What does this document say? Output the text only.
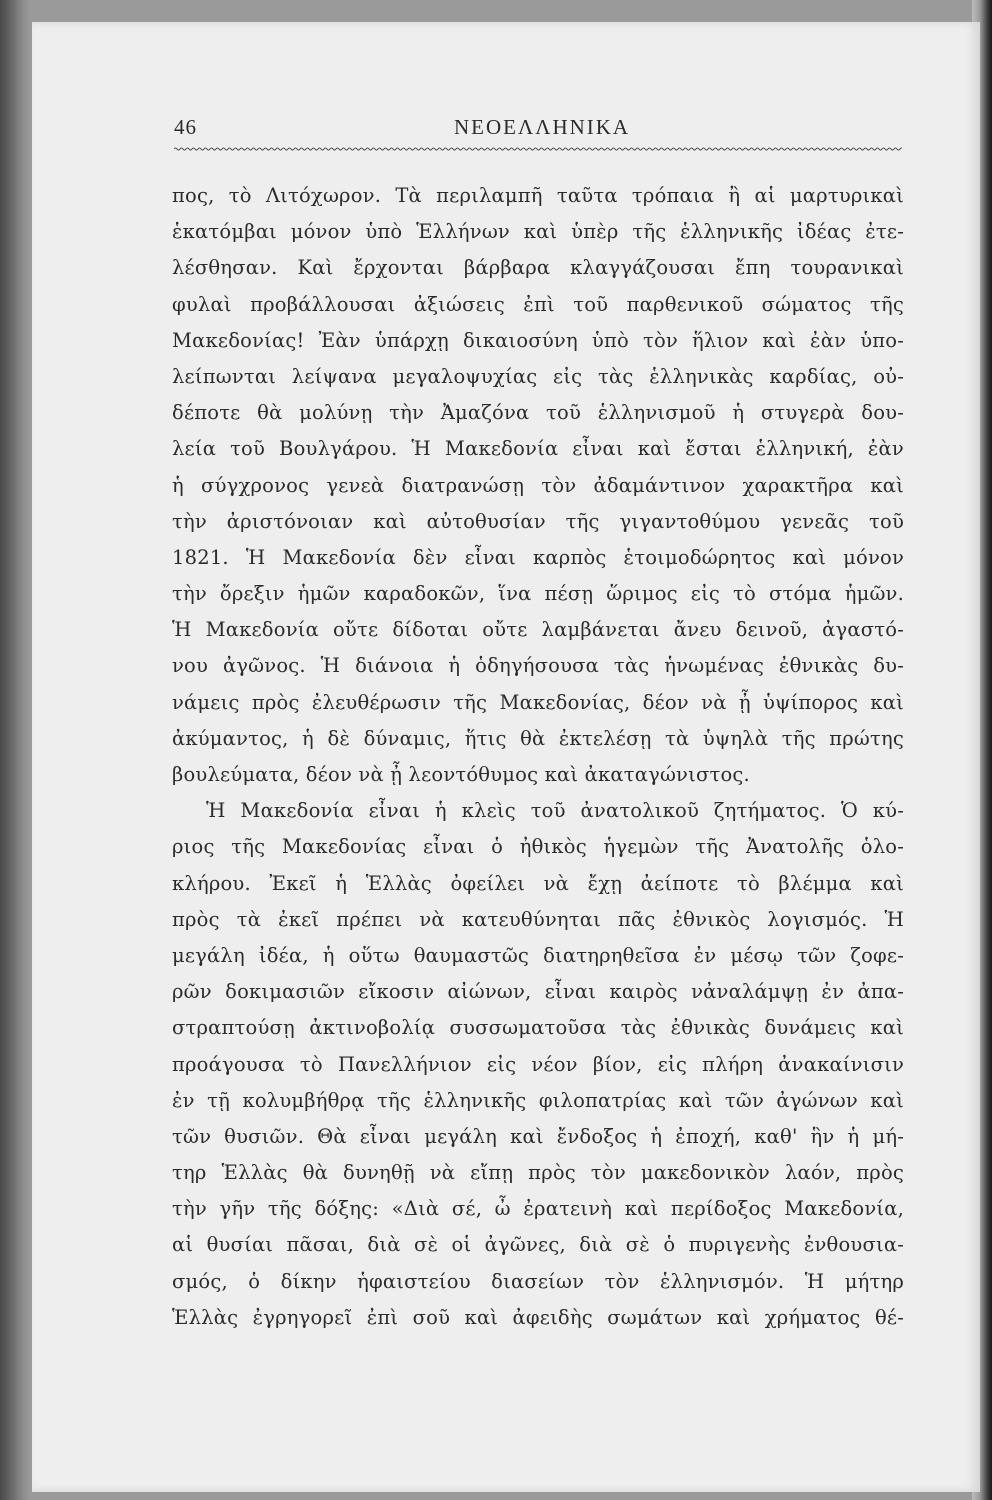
46	ΝΕΟΕΛΛΗΝΙΚΑ
πος, τὸ Λιτόχωρον. Τὰ περιλαμπῆ ταῦτα τρόπαια ἢ αἱ μαρτυρικαὶ
ἑκατόμβαι μόνον ὑπὸ Ἑλλήνων καὶ ὑπὲρ τῆς ἑλληνικῆς ἰδέας ἐτε-
λέσθησαν. Καὶ ἔρχονται βάρβαρα κλαγγάζουσαι ἔπη τουρανικαὶ
φυλαὶ προβάλλουσαι ἀξιώσεις ἐπὶ τοῦ παρθενικοῦ σώματος τῆς
Μακεδονίας! Ἐὰν ὑπάρχῃ δικαιοσύνη ὑπὸ τὸν ἥλιον καὶ ἐὰν ὑπο-
λείπωνται λείψανα μεγαλοψυχίας εἰς τὰς ἑλληνικὰς καρδίας, οὐ-
δέποτε θὰ μολύνῃ τὴν Ἀμαζόνα τοῦ ἑλληνισμοῦ ἡ στυγερὰ δου-
λεία τοῦ Βουλγάρου. Ἡ Μακεδονία εἶναι καὶ ἔσται ἑλληνική, ἐὰν
ἡ σύγχρονος γενεὰ διατρανώσῃ τὸν ἀδαμάντινον χαρακτῆρα καὶ
τὴν ἀριστόνοιαν καὶ αὐτοθυσίαν τῆς γιγαντοθύμου γενεᾶς τοῦ
1821. Ἡ Μακεδονία δὲν εἶναι καρπὸς ἑτοιμοδώρητος καὶ μόνον
τὴν ὄρεξιν ἡμῶν καραδοκῶν, ἵνα πέσῃ ὥριμος εἰς τὸ στόμα ἡμῶν.
Ἡ Μακεδονία οὔτε δίδοται οὔτε λαμβάνεται ἄνευ δεινοῦ, ἀγαστό-
νου ἀγῶνος. Ἡ διάνοια ἡ ὁδηγήσουσα τὰς ἡνωμένας ἐθνικὰς δυ-
νάμεις πρὸς ἐλευθέρωσιν τῆς Μακεδονίας, δέον νὰ ᾖ ὑψίπορος καὶ
ἀκύμαντος, ἡ δὲ δύναμις, ἥτις θὰ ἐκτελέσῃ τὰ ὑψηλὰ τῆς πρώτης
βουλεύματα, δέον νὰ ᾖ λεοντόθυμος καὶ ἀκαταγώνιστος.
Ἡ Μακεδονία εἶναι ἡ κλεὶς τοῦ ἀνατολικοῦ ζητήματος. Ὁ κύ-
ριος τῆς Μακεδονίας εἶναι ὁ ἠθικὸς ἡγεμὼν τῆς Ἀνατολῆς ὁλο-
κλήρου. Ἐκεῖ ἡ Ἑλλὰς ὀφείλει νὰ ἔχῃ ἀείποτε τὸ βλέμμα καὶ
πρὸς τὰ ἐκεῖ πρέπει νὰ κατευθύνηται πᾶς ἐθνικὸς λογισμός. Ἡ
μεγάλη ἰδέα, ἡ οὕτω θαυμαστῶς διατηρηθεῖσα ἐν μέσῳ τῶν ζοφε-
ρῶν δοκιμασιῶν εἴκοσιν αἰώνων, εἶναι καιρὸς νἀναλάμψῃ ἐν ἀπα-
στραπτούσῃ ἀκτινοβολίᾳ συσσωματοῦσα τὰς ἐθνικὰς δυνάμεις καὶ
προάγουσα τὸ Πανελλήνιον εἰς νέον βίον, εἰς πλήρη ἀνακαίνισιν
ἐν τῇ κολυμβήθρᾳ τῆς ἑλληνικῆς φιλοπατρίας καὶ τῶν ἀγώνων καὶ
τῶν θυσιῶν. Θὰ εἶναι μεγάλη καὶ ἔνδοξος ἡ ἐποχή, καθ' ἣν ἡ μή-
τηρ Ἑλλὰς θὰ δυνηθῇ νὰ εἴπῃ πρὸς τὸν μακεδονικὸν λαόν, πρὸς
τὴν γῆν τῆς δόξης: «Διὰ σέ, ὦ ἐρατεινὴ καὶ περίδοξος Μακεδονία,
αἱ θυσίαι πᾶσαι, διὰ σὲ οἱ ἀγῶνες, διὰ σὲ ὁ πυριγενὴς ἐνθουσια-
σμός, ὁ δίκην ἡφαιστείου διασείων τὸν ἑλληνισμόν. Ἡ μήτηρ
Ἑλλὰς ἐγρηγορεῖ ἐπὶ σοῦ καὶ ἀφειδὴς σωμάτων καὶ χρήματος θέ-
